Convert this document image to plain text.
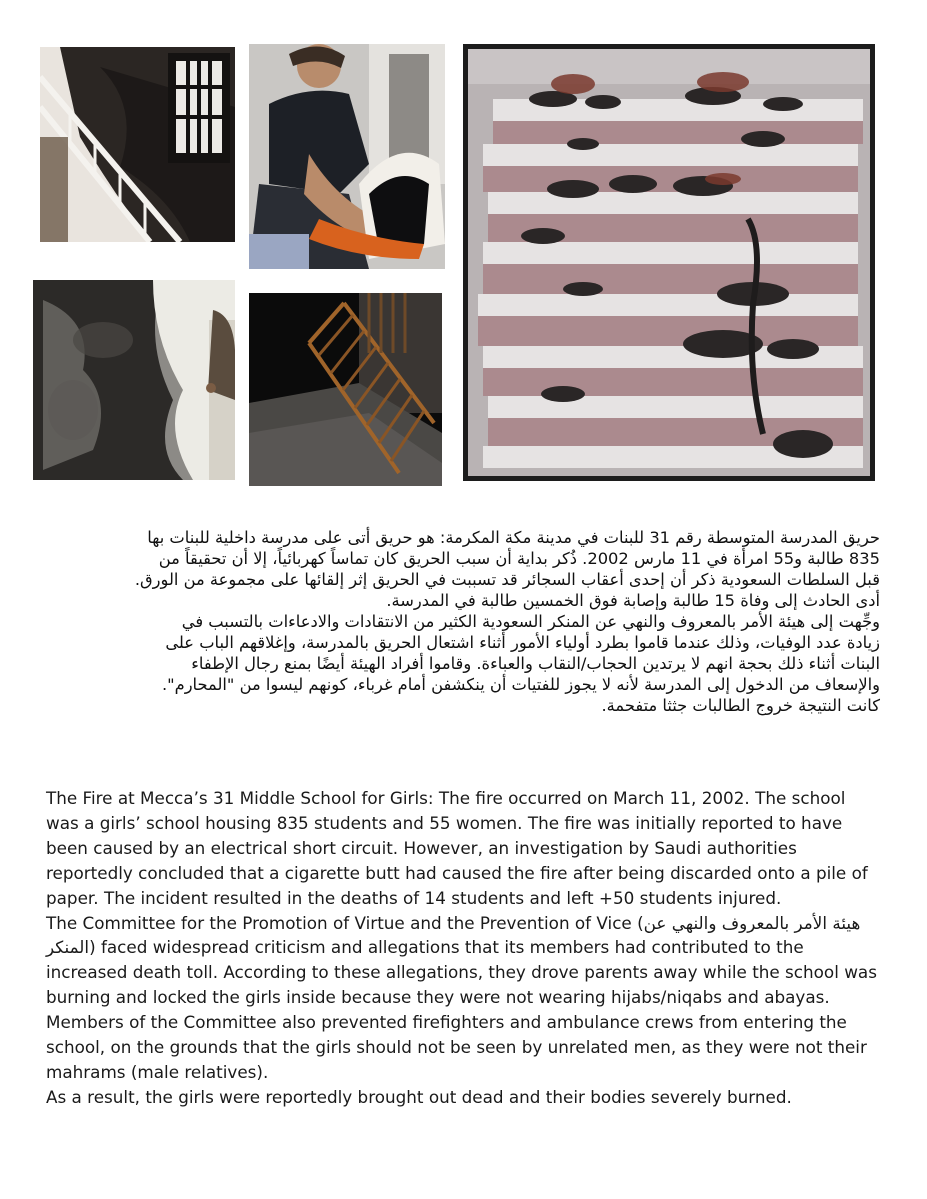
حريق المدرسة المتوسطة رقم 31 للبنات في مدينة مكة المكرمة: هو حريق أتى على مدرسة داخلية للبنات بها

835 طالبة و55 امرأة في 11 مارس 2002. ذُكر بداية أن سبب الحريق كان تماساً كهربائياً، إلا أن تحقيقاً من

قبل السلطات السعودية ذكر أن إحدى أعقاب السجائر قد تسببت في الحريق إثر إلقائها على مجموعة من الورق.

أدى الحادث إلى وفاة 15 طالبة وإصابة فوق الخمسين طالبة في المدرسة.

وجِّهت إلى هيئة الأمر بالمعروف والنهي عن المنكر السعودية الكثير من الانتقادات والادعاءات بالتسبب في

زيادة عدد الوفيات، وذلك عندما قاموا بطرد أولياء الأمور أثناء اشتعال الحريق بالمدرسة، وإغلاقهم الباب على

البنات أثناء ذلك بحجة انهم لا يرتدين الحجاب/النقاب والعباءة. وقاموا أفراد الهيئة أيضًا بمنع رجال الإطفاء

والإسعاف من الدخول إلى المدرسة لأنه لا يجوز للفتيات أن ينكشفن أمام غرباء، كونهم ليسوا من "المحارم".

كانت النتيجة خروج الطالبات جثثا متفحمة.

The Fire at Mecca’s 31 Middle School for Girls: The fire occurred on March 11, 2002. The school

was a girls’ school housing 835 students and 55 women. The fire was initially reported to have

been caused by an electrical short circuit. However, an investigation by Saudi authorities

reportedly concluded that a cigarette butt had caused the fire after being discarded onto a pile of

paper. The incident resulted in the deaths of 14 students and left +50 students injured.

The Committee for the Promotion of Virtue and the Prevention of Vice (هيئة الأمر بالمعروف والنهي عن

المنكر) faced widespread criticism and allegations that its members had contributed to the

increased death toll. According to these allegations, they drove parents away while the school was

burning and locked the girls inside because they were not wearing hijabs/niqabs and abayas.

Members of the Committee also prevented firefighters and ambulance crews from entering the

school, on the grounds that the girls should not be seen by unrelated men, as they were not their

mahrams (male relatives).

As a result, the girls were reportedly brought out dead and their bodies severely burned.
